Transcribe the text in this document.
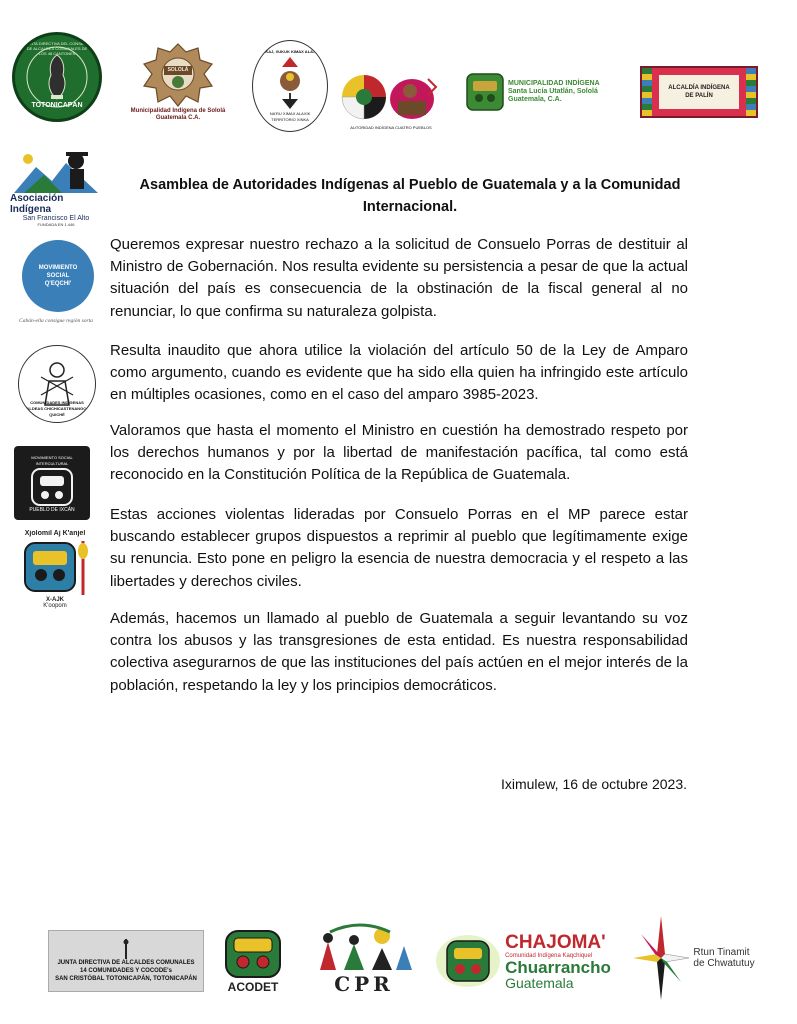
JUNTA DIRECTIVA DEL CONSEJO DE ALCALDES COMUNALES DE LOS 48 CANTONES
TOTONICAPÁN
SOLOLÁ
Municipalidad Indígena de Sololá Guatemala C.A.
AJKAJ, XUKUK KIMAX ALAXIK
NA'RU XIMAX ALAXIK TERRITORIO XINKA
AUTORIDAD INDÍGENA CUATRO PUEBLOS
MUNICIPALIDAD INDÍGENA Santa Lucía Utatlán, Sololá Guatemala, C.A.
ALCALDÍA INDÍGENA DE PALÍN
Asociación Indígena
San Francisco El Alto
FUNDADA EN 1.446
MOVIMIENTO SOCIAL Q'EQCHI'
Cabán-ella consigue región sorta
COMUNIDADES INDÍGENAS ALDEAS CHICHICASTENANGO, QUICHÉ
MOVIMIENTO SOCIAL INTERCULTURAL
PUEBLO DE IXCÁN
Xjolomil Aj K'anjel
X-AJK
K'oopom
Asamblea de Autoridades Indígenas al Pueblo de Guatemala y a la Comunidad Internacional.

Queremos expresar nuestro rechazo a la solicitud de Consuelo Porras de destituir al Ministro de Gobernación. Nos resulta evidente su persistencia a pesar de que la actual situación del país es consecuencia de la obstinación de la fiscal general al no renunciar, lo que confirma su naturaleza golpista.

Resulta inaudito que ahora utilice la violación del artículo 50 de la Ley de Amparo como argumento, cuando es evidente que ha sido ella quien ha infringido este artículo en múltiples ocasiones, como en el caso del amparo 3985-2023.

Valoramos que hasta el momento el Ministro en cuestión ha demostrado respeto por los derechos humanos y por la libertad de manifestación pacífica, tal como está reconocido en la Constitución Política de la República de Guatemala.

Estas acciones violentas lideradas por Consuelo Porras en el MP parece estar buscando establecer grupos dispuestos a reprimir al pueblo que legítimamente exige su renuncia. Esto pone en peligro la esencia de nuestra democracia y el respeto a las libertades y derechos civiles.

Además, hacemos un llamado al pueblo de Guatemala a seguir levantando su voz contra los abusos y las transgresiones de esta entidad. Es nuestra responsabilidad colectiva asegurarnos de que las instituciones del país actúen en el mejor interés de la población, respetando la ley y los principios democráticos.

Iximulew, 16 de octubre 2023.
JUNTA DIRECTIVA DE ALCALDES COMUNALES
14 COMUNIDADES Y COCODE's
SAN CRISTÓBAL TOTONICAPÁN, TOTONICAPÁN
ACODET	CPR
CHAJOMA'
Comunidad Indígena Kaqchiquel
Chuarrancho
Guatemala
Rtun Tinamit
de Chwatutuy
